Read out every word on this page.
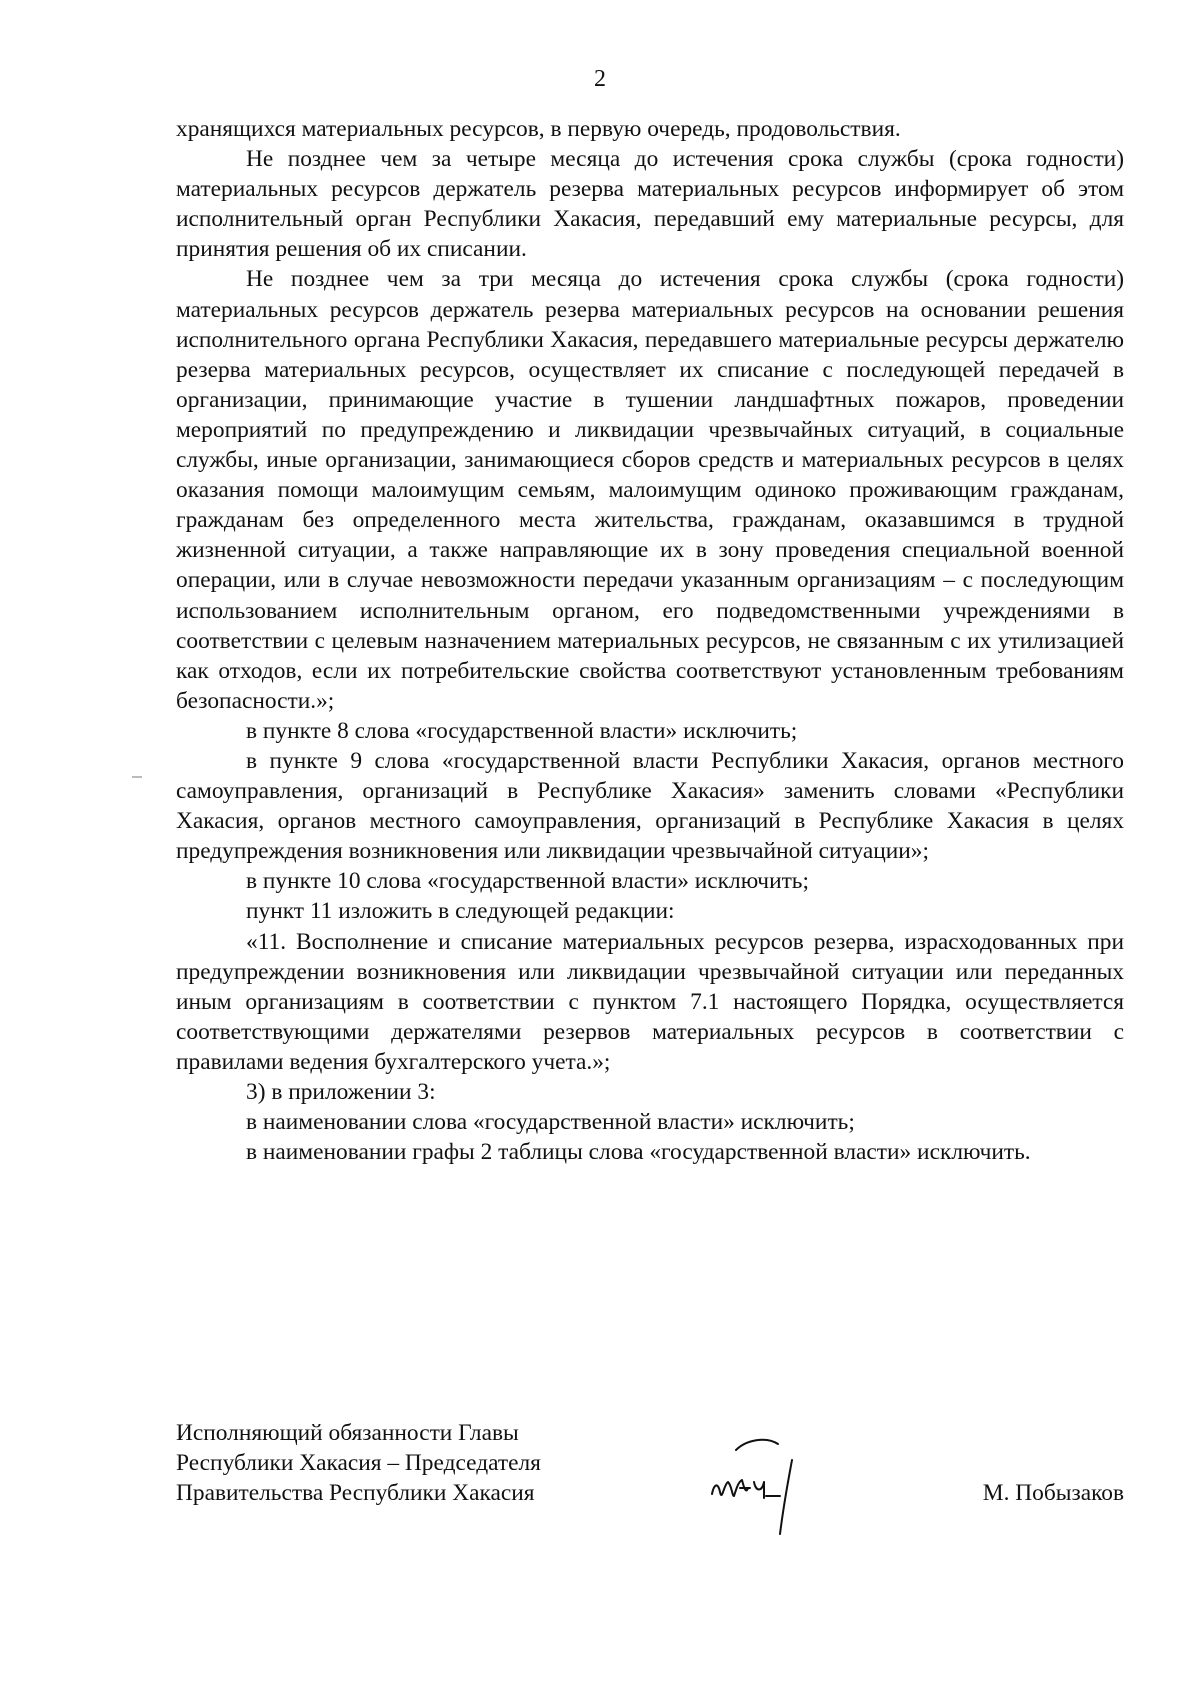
2

хранящихся материальных ресурсов, в первую очередь, продовольствия.

Не позднее чем за четыре месяца до истечения срока службы (срока годности) материальных ресурсов держатель резерва материальных ресурсов информирует об этом исполнительный орган Республики Хакасия, передавший ему материальные ресурсы, для принятия решения об их списании.

Не позднее чем за три месяца до истечения срока службы (срока годности) материальных ресурсов держатель резерва материальных ресурсов на основании решения исполнительного органа Республики Хакасия, передавшего материальные ресурсы держателю резерва материальных ресурсов, осуществляет их списание с последующей передачей в организации, принимающие участие в тушении ландшафтных пожаров, проведении мероприятий по предупреждению и ликвидации чрезвычайных ситуаций, в социальные службы, иные организации, занимающиеся сборов средств и материальных ресурсов в целях оказания помощи малоимущим семьям, малоимущим одиноко проживающим гражданам, гражданам без определенного места жительства, гражданам, оказавшимся в трудной жизненной ситуации, а также направляющие их в зону проведения специальной военной операции, или в случае невозможности передачи указанным организациям – с последующим использованием исполнительным органом, его подведомственными учреждениями в соответствии с целевым назначением материальных ресурсов, не связанным с их утилизацией как отходов, если их потребительские свойства соответствуют установленным требованиям безопасности.»;

в пункте 8 слова «государственной власти» исключить;

в пункте 9 слова «государственной власти Республики Хакасия, органов местного самоуправления, организаций в Республике Хакасия» заменить словами «Республики Хакасия, органов местного самоуправления, организаций в Республике Хакасия в целях предупреждения возникновения или ликвидации чрезвычайной ситуации»;

в пункте 10 слова «государственной власти» исключить;

пункт 11 изложить в следующей редакции:

«11. Восполнение и списание материальных ресурсов резерва, израсходованных при предупреждении возникновения или ликвидации чрезвычайной ситуации или переданных иным организациям в соответствии с пунктом 7.1 настоящего Порядка, осуществляется соответствующими держателями резервов материальных ресурсов в соответствии с правилами ведения бухгалтерского учета.»;

3) в приложении 3:

в наименовании слова «государственной власти» исключить;

в наименовании графы 2 таблицы слова «государственной власти» исключить.

Исполняющий обязанности Главы
Республики Хакасия – Председателя
Правительства Республики Хакасия	М. Побызаков
